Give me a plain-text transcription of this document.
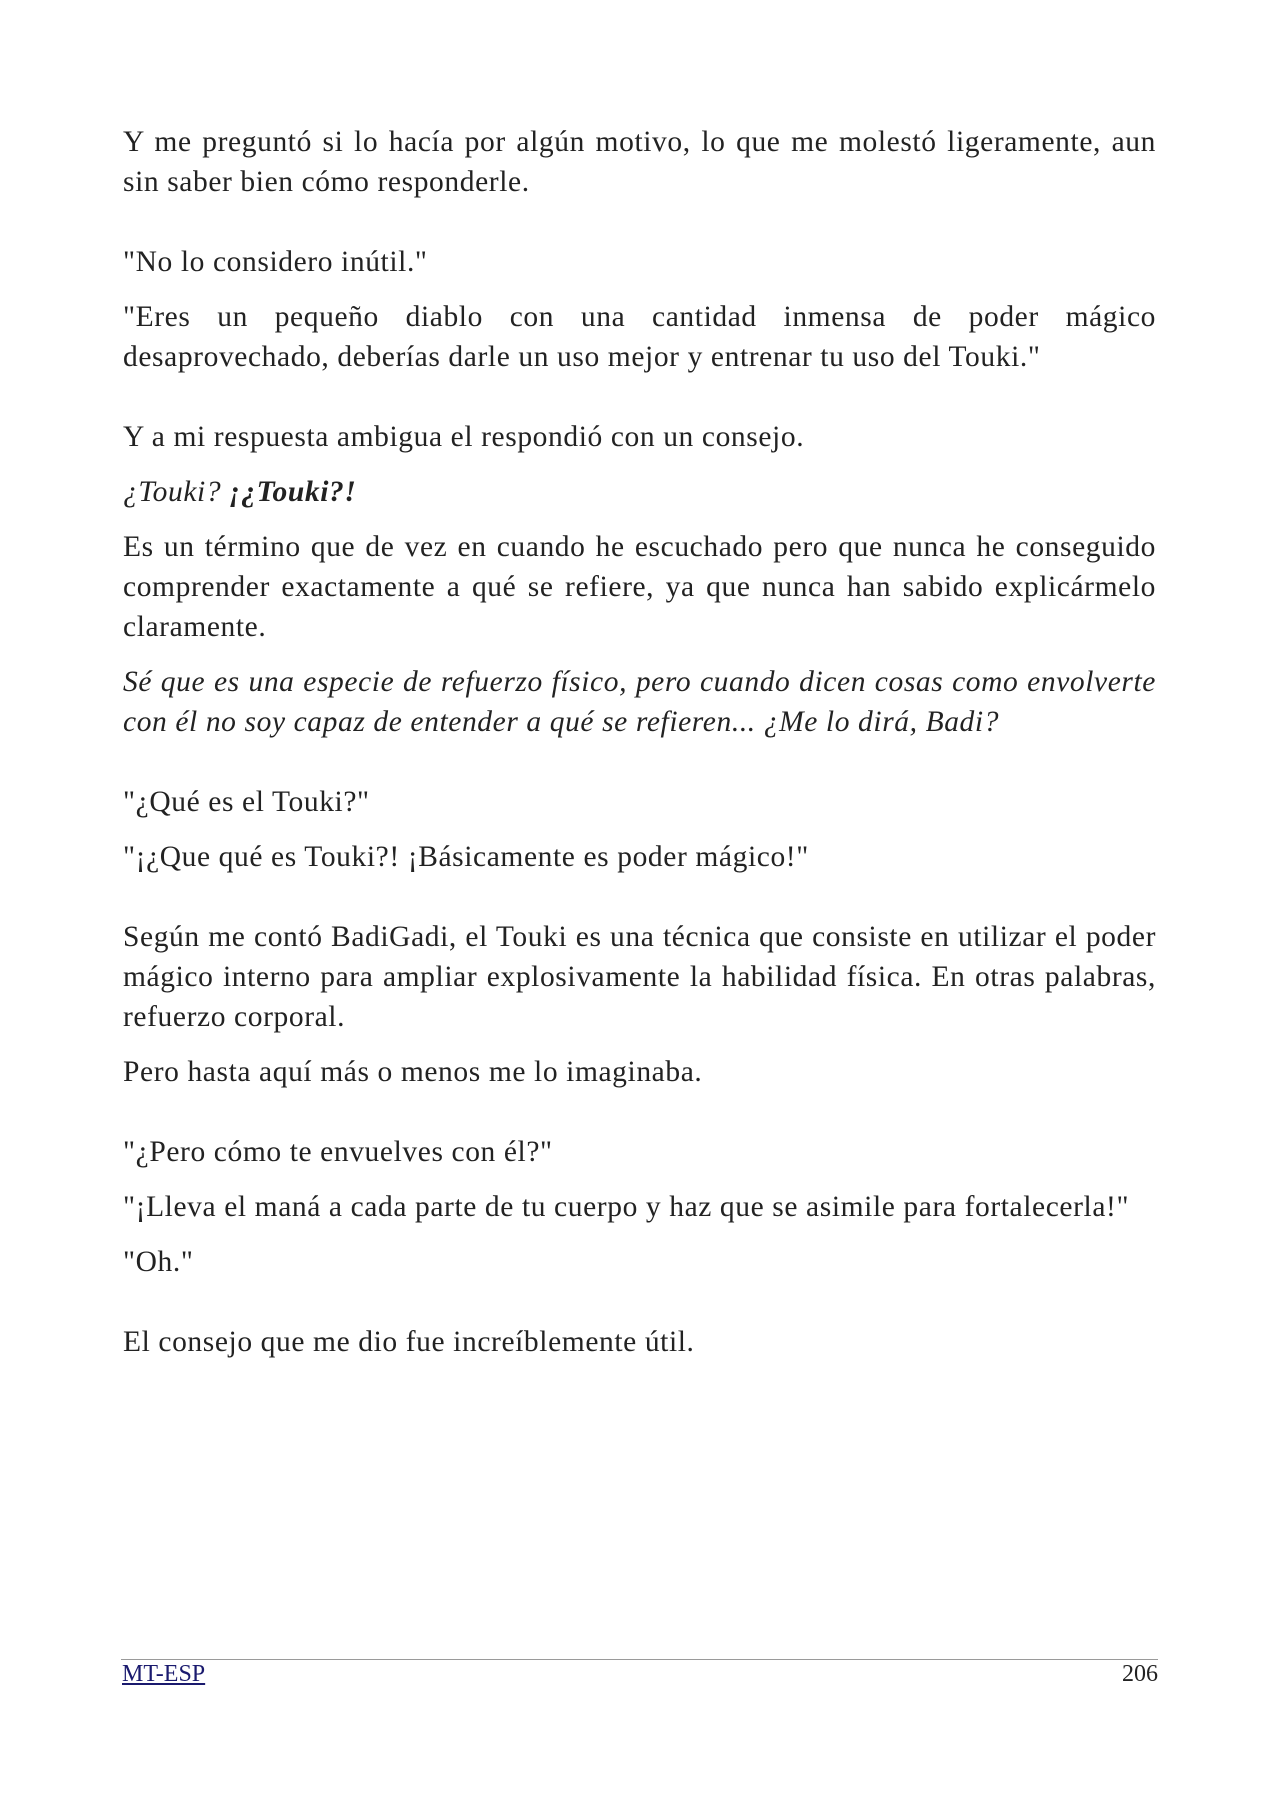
Y me preguntó si lo hacía por algún motivo, lo que me molestó ligeramente, aun sin saber bien cómo responderle.

"No lo considero inútil."

"Eres un pequeño diablo con una cantidad inmensa de poder mágico desaprovechado, deberías darle un uso mejor y entrenar tu uso del Touki."

Y a mi respuesta ambigua el respondió con un consejo.

¿Touki? ¡¿Touki?!

Es un término que de vez en cuando he escuchado pero que nunca he conseguido comprender exactamente a qué se refiere, ya que nunca han sabido explicármelo claramente.

Sé que es una especie de refuerzo físico, pero cuando dicen cosas como envolverte con él no soy capaz de entender a qué se refieren... ¿Me lo dirá, Badi?

"¿Qué es el Touki?"

"¡¿Que qué es Touki?! ¡Básicamente es poder mágico!"

Según me contó BadiGadi, el Touki es una técnica que consiste en utilizar el poder mágico interno para ampliar explosivamente la habilidad física. En otras palabras, refuerzo corporal.

Pero hasta aquí más o menos me lo imaginaba.

"¿Pero cómo te envuelves con él?"

"¡Lleva el maná a cada parte de tu cuerpo y haz que se asimile para fortalecerla!"

"Oh."

El consejo que me dio fue increíblemente útil.

MT-ESP	206
